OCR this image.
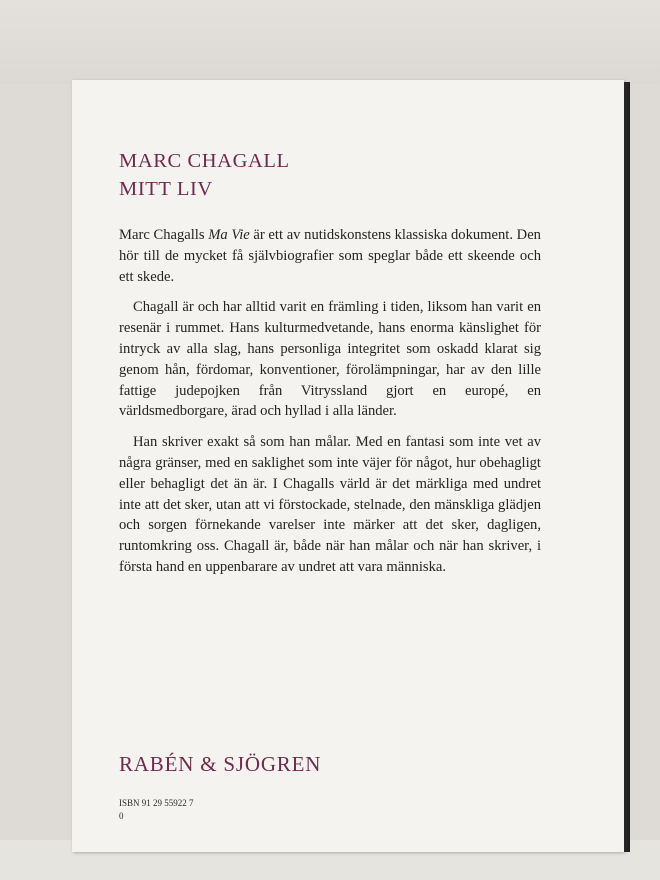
MARC CHAGALL
MITT LIV

Marc Chagalls Ma Vie är ett av nutidskonstens klassiska dokument. Den hör till de mycket få självbiografier som speglar både ett skeende och ett skede.

Chagall är och har alltid varit en främling i tiden, liksom han varit en resenär i rummet. Hans kulturmedvetande, hans enorma känslighet för intryck av alla slag, hans personliga integritet som oskadd klarat sig genom hån, fördomar, konventioner, förolämpningar, har av den lille fattige judepojken från Vitryssland gjort en europé, en världsmedborgare, ärad och hyllad i alla länder.

Han skriver exakt så som han målar. Med en fantasi som inte vet av några gränser, med en saklighet som inte väjer för något, hur obehagligt eller behagligt det än är. I Chagalls värld är det märkliga med undret inte att det sker, utan att vi förstockade, stelnade, den mänskliga glädjen och sorgen förnekande varelser inte märker att det sker, dagligen, runtomkring oss. Chagall är, både när han målar och när han skriver, i första hand en uppenbarare av undret att vara människa.

RABÉN & SJÖGREN
ISBN 91 29 55922 7
0
